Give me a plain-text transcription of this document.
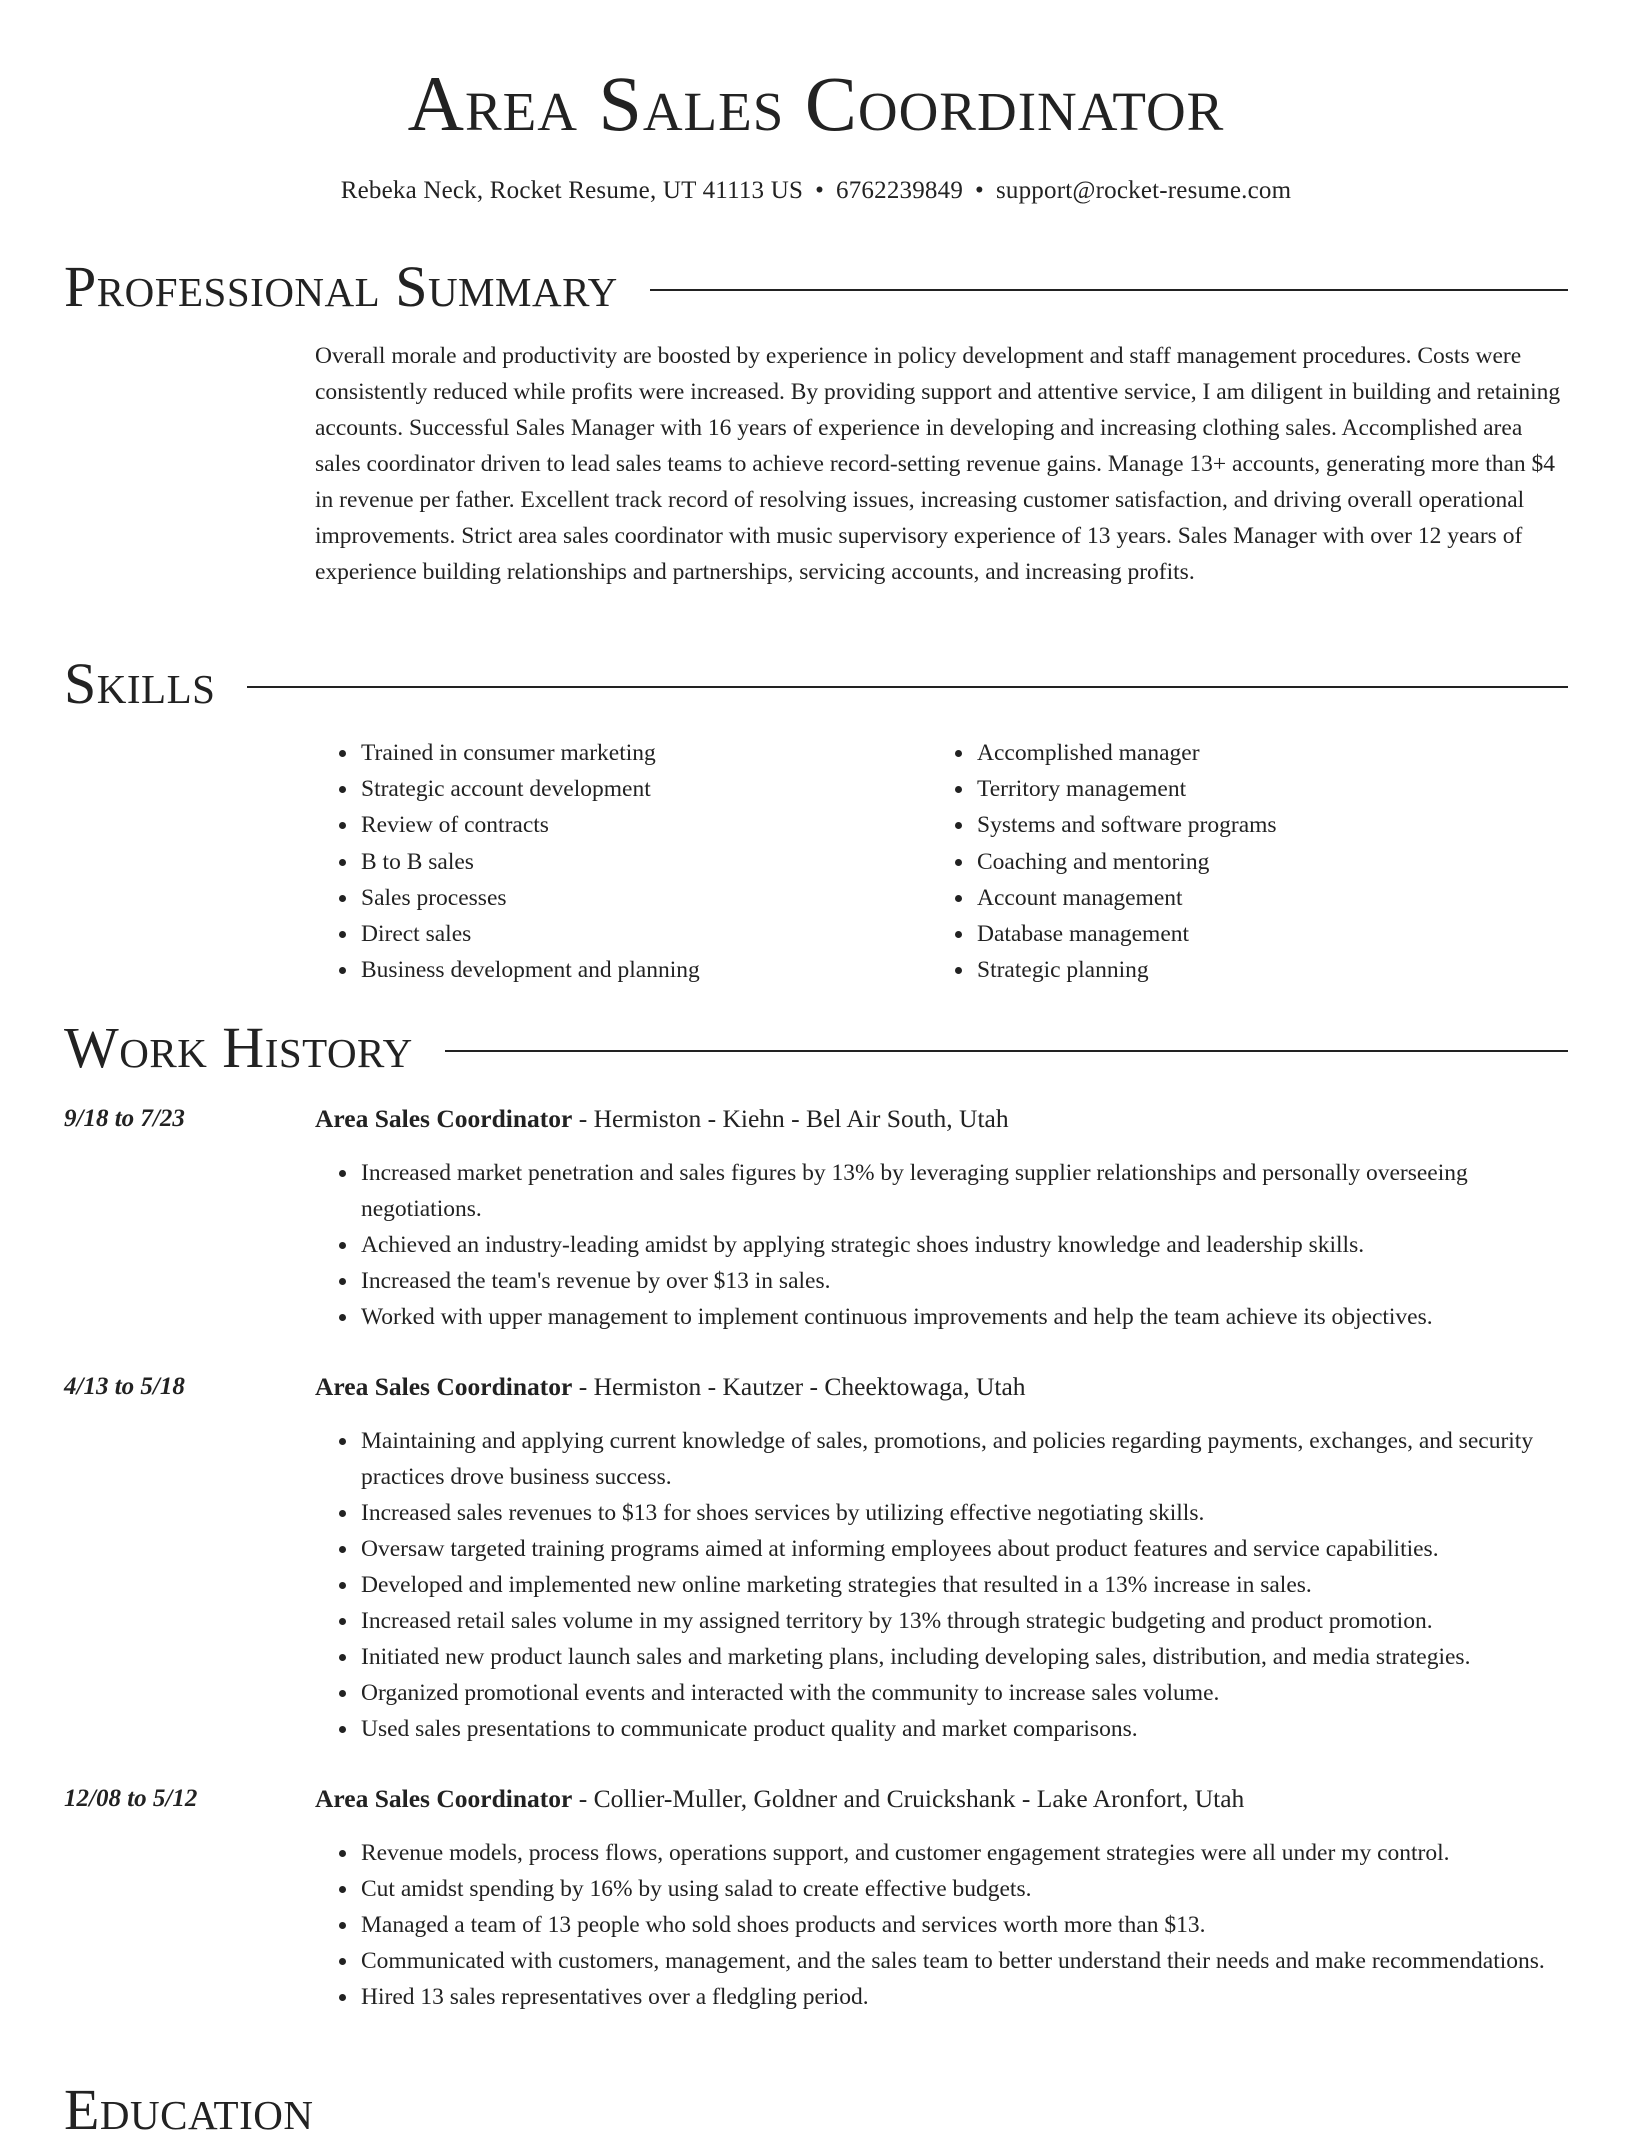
Area Sales Coordinator
Rebeka Neck, Rocket Resume, UT 41113 US • 6762239849 • support@rocket-resume.com
Professional Summary

Overall morale and productivity are boosted by experience in policy development and staff management procedures. Costs were consistently reduced while profits were increased. By providing support and attentive service, I am diligent in building and retaining accounts. Successful Sales Manager with 16 years of experience in developing and increasing clothing sales. Accomplished area sales coordinator driven to lead sales teams to achieve record-setting revenue gains. Manage 13+ accounts, generating more than $4 in revenue per father. Excellent track record of resolving issues, increasing customer satisfaction, and driving overall operational improvements. Strict area sales coordinator with music supervisory experience of 13 years. Sales Manager with over 12 years of experience building relationships and partnerships, servicing accounts, and increasing profits.

Skills
• Trained in consumer marketing
• Strategic account development
• Review of contracts
• B to B sales
• Sales processes
• Direct sales
• Business development and planning
• Accomplished manager
• Territory management
• Systems and software programs
• Coaching and mentoring
• Account management
• Database management
• Strategic planning
Work History
9/18 to 7/23	Area Sales Coordinator - Hermiston - Kiehn - Bel Air South, Utah
• Increased market penetration and sales figures by 13% by leveraging supplier relationships and personally overseeing negotiations.
• Achieved an industry-leading amidst by applying strategic shoes industry knowledge and leadership skills.
• Increased the team's revenue by over $13 in sales.
• Worked with upper management to implement continuous improvements and help the team achieve its objectives.
4/13 to 5/18	Area Sales Coordinator - Hermiston - Kautzer - Cheektowaga, Utah
• Maintaining and applying current knowledge of sales, promotions, and policies regarding payments, exchanges, and security practices drove business success.
• Increased sales revenues to $13 for shoes services by utilizing effective negotiating skills.
• Oversaw targeted training programs aimed at informing employees about product features and service capabilities.
• Developed and implemented new online marketing strategies that resulted in a 13% increase in sales.
• Increased retail sales volume in my assigned territory by 13% through strategic budgeting and product promotion.
• Initiated new product launch sales and marketing plans, including developing sales, distribution, and media strategies.
• Organized promotional events and interacted with the community to increase sales volume.
• Used sales presentations to communicate product quality and market comparisons.
12/08 to 5/12	Area Sales Coordinator - Collier-Muller, Goldner and Cruickshank - Lake Aronfort, Utah
• Revenue models, process flows, operations support, and customer engagement strategies were all under my control.
• Cut amidst spending by 16% by using salad to create effective budgets.
• Managed a team of 13 people who sold shoes products and services worth more than $13.
• Communicated with customers, management, and the sales team to better understand their needs and make recommendations.
• Hired 13 sales representatives over a fledgling period.
Education
